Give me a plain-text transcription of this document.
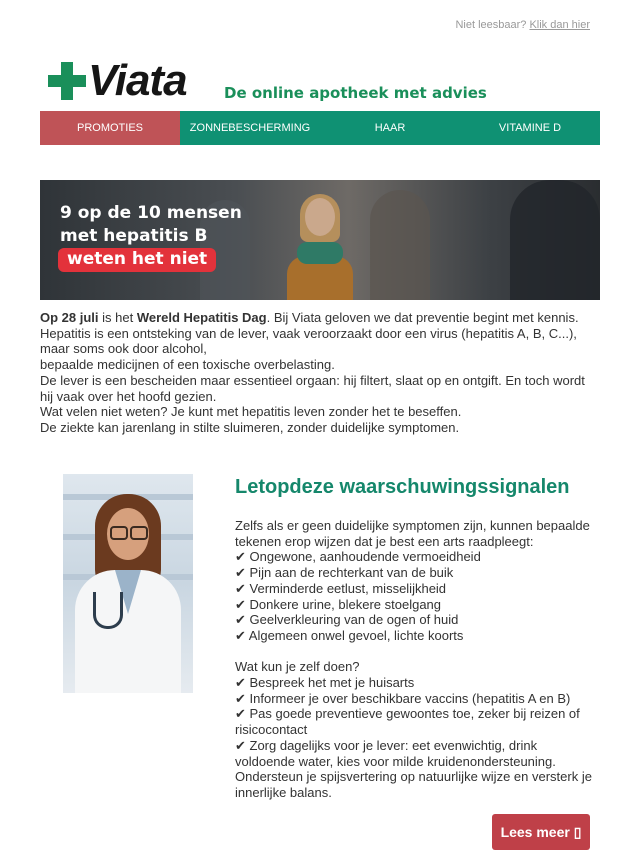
Niet leesbaar? Klik dan hier
Viata De online apotheek met advies
PROMOTIES	ZONNEBESCHERMING	HAAR	VITAMINE D
9 op de 10 mensen
met hepatitis B
weten het niet

Op 28 juli is het Wereld Hepatitis Dag. Bij Viata geloven we dat preventie begint met kennis.

Hepatitis is een ontsteking van de lever, vaak veroorzaakt door een virus (hepatitis A, B, C...), maar soms ook door alcohol,

bepaalde medicijnen of een toxische overbelasting.

De lever is een bescheiden maar essentieel orgaan: hij filtert, slaat op en ontgift. En toch wordt hij vaak over het hoofd gezien.

Wat velen niet weten? Je kunt met hepatitis leven zonder het te beseffen.

De ziekte kan jarenlang in stilte sluimeren, zonder duidelijke symptomen.

Letopdeze waarschuwingssignalen

Zelfs als er geen duidelijke symptomen zijn, kunnen bepaalde tekenen erop wijzen dat je best een arts raadpleegt:

✔ Ongewone, aanhoudende vermoeidheid

✔ Pijn aan de rechterkant van de buik

✔ Verminderde eetlust, misselijkheid

✔ Donkere urine, blekere stoelgang

✔ Geelverkleuring van de ogen of huid

✔ Algemeen onwel gevoel, lichte koorts

Wat kun je zelf doen?

✔ Bespreek het met je huisarts

✔ Informeer je over beschikbare vaccins (hepatitis A en B)

✔ Pas goede preventieve gewoontes toe, zeker bij reizen of risicocontact

✔ Zorg dagelijks voor je lever: eet evenwichtig, drink voldoende water, kies voor milde kruidenondersteuning. Ondersteun je spijsvertering op natuurlijke wijze en versterk je innerlijke balans.

Lees meer ▯
